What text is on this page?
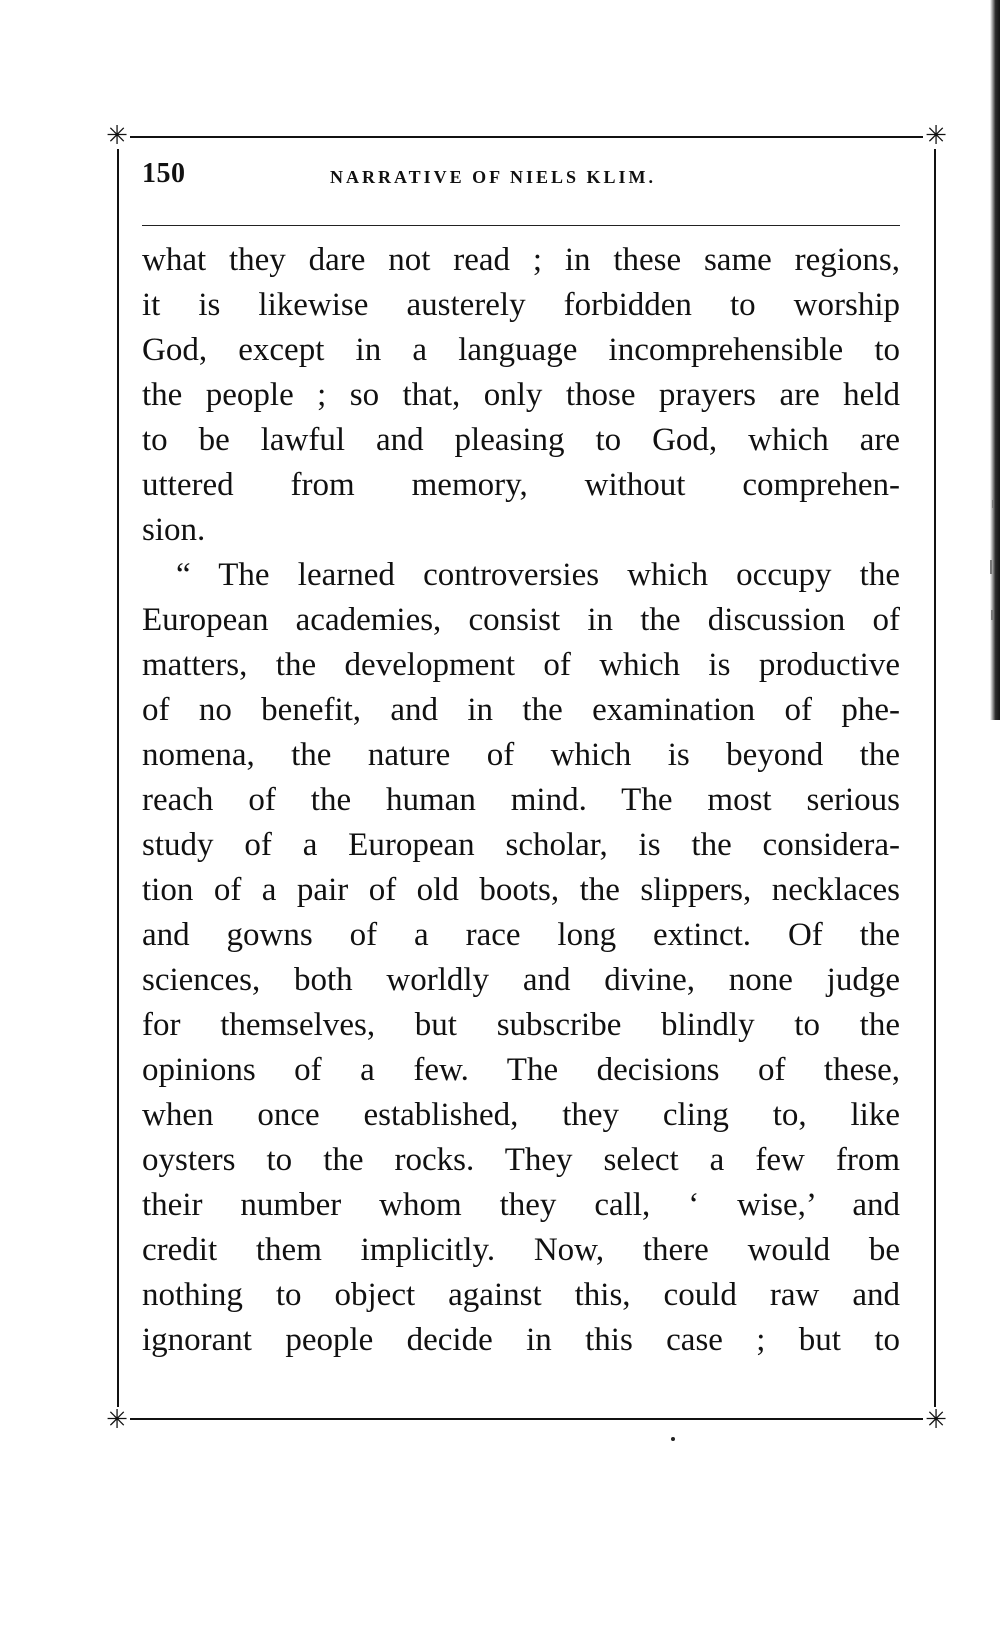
✳	✳
✳	✳
150	NARRATIVE OF NIELS KLIM.
what they dare not read ; in these same regions,
it is likewise austerely forbidden to worship
God, except in a language incomprehensible to
the people ; so that, only those prayers are held
to be lawful and pleasing to God, which are
uttered from memory, without comprehen-
sion.
“ The learned controversies which occupy the
European academies, consist in the discussion of
matters, the development of which is productive
of no benefit, and in the examination of phe-
nomena, the nature of which is beyond the
reach of the human mind. The most serious
study of a European scholar, is the considera-
tion of a pair of old boots, the slippers, necklaces
and gowns of a race long extinct. Of the
sciences, both worldly and divine, none judge
for themselves, but subscribe blindly to the
opinions of a few. The decisions of these,
when once established, they cling to, like
oysters to the rocks. They select a few from
their number whom they call, ‘ wise,’ and
credit them implicitly. Now, there would be
nothing to object against this, could raw and
ignorant people decide in this case ; but to
